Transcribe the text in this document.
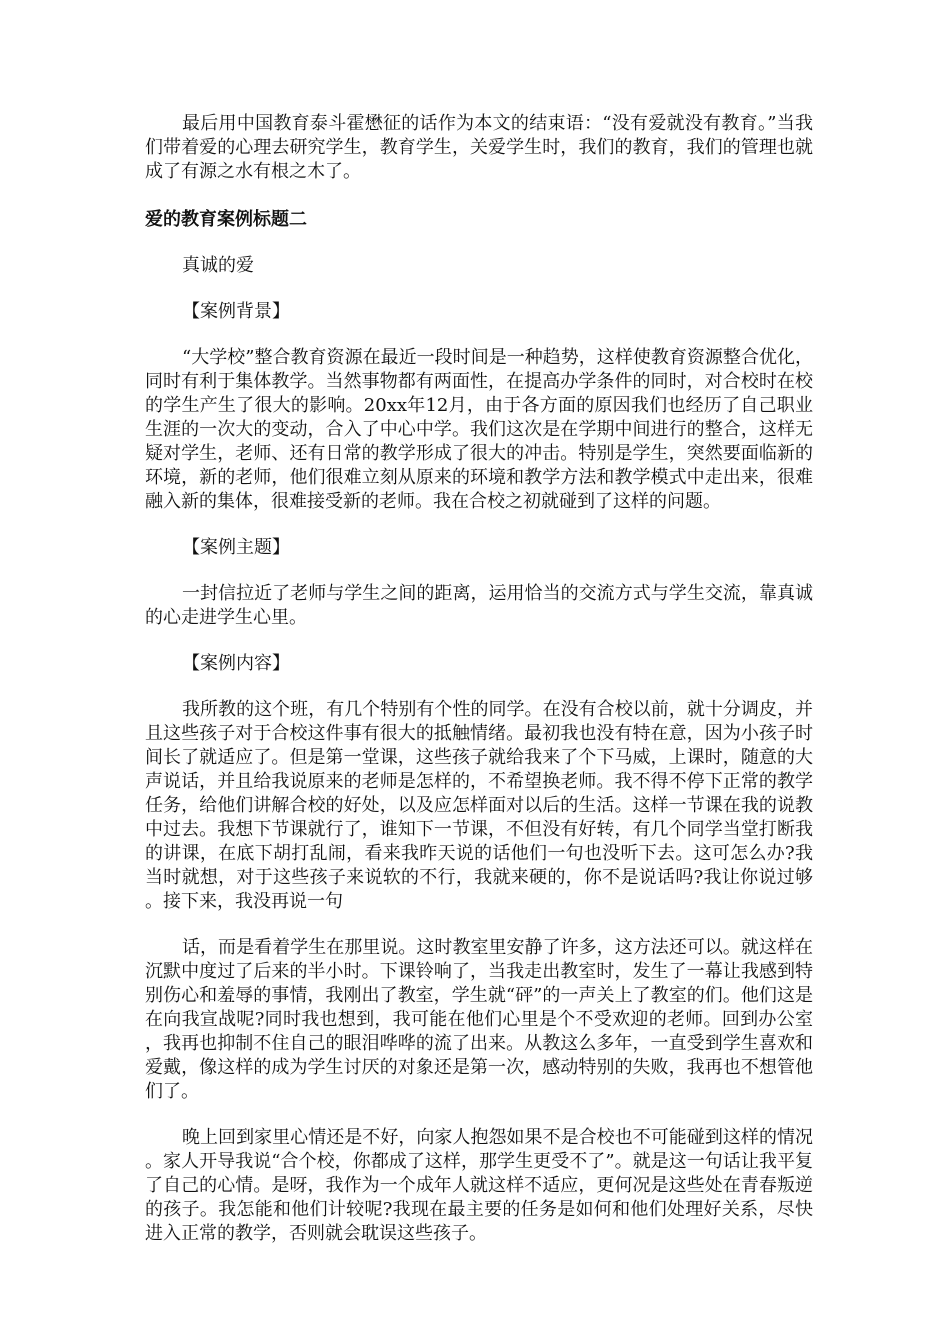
最后用中国教育泰斗霍懋征的话作为本文的结束语：“没有爱就没有教育。”当我们带着爱的心理去研究学生，教育学生，关爱学生时，我们的教育，我们的管理也就成了有源之水有根之木了。

爱的教育案例标题二

真诚的爱

【案例背景】

“大学校”整合教育资源在最近一段时间是一种趋势，这样使教育资源整合优化，同时有利于集体教学。当然事物都有两面性，在提高办学条件的同时，对合校时在校的学生产生了很大的影响。20xx年12月，由于各方面的原因我们也经历了自己职业生涯的一次大的变动，合入了中心中学。我们这次是在学期中间进行的整合，这样无疑对学生，老师、还有日常的教学形成了很大的冲击。特别是学生，突然要面临新的环境，新的老师，他们很难立刻从原来的环境和教学方法和教学模式中走出来，很难融入新的集体，很难接受新的老师。我在合校之初就碰到了这样的问题。

【案例主题】

一封信拉近了老师与学生之间的距离，运用恰当的交流方式与学生交流，靠真诚的心走进学生心里。

【案例内容】

我所教的这个班，有几个特别有个性的同学。在没有合校以前，就十分调皮，并且这些孩子对于合校这件事有很大的抵触情绪。最初我也没有特在意，因为小孩子时间长了就适应了。但是第一堂课，这些孩子就给我来了个下马威，上课时，随意的大声说话，并且给我说原来的老师是怎样的，不希望换老师。我不得不停下正常的教学任务，给他们讲解合校的好处，以及应怎样面对以后的生活。这样一节课在我的说教中过去。我想下节课就行了，谁知下一节课，不但没有好转，有几个同学当堂打断我的讲课，在底下胡打乱闹，看来我昨天说的话他们一句也没听下去。这可怎么办?我当时就想，对于这些孩子来说软的不行，我就来硬的，你不是说话吗?我让你说过够。接下来，我没再说一句

话，而是看着学生在那里说。这时教室里安静了许多，这方法还可以。就这样在沉默中度过了后来的半小时。下课铃响了，当我走出教室时，发生了一幕让我感到特别伤心和羞辱的事情，我刚出了教室，学生就“砰”的一声关上了教室的们。他们这是在向我宣战呢?同时我也想到，我可能在他们心里是个不受欢迎的老师。回到办公室，我再也抑制不住自己的眼泪哗哗的流了出来。从教这么多年，一直受到学生喜欢和爱戴，像这样的成为学生讨厌的对象还是第一次，感动特别的失败，我再也不想管他们了。

晚上回到家里心情还是不好，向家人抱怨如果不是合校也不可能碰到这样的情况。家人开导我说“合个校，你都成了这样，那学生更受不了”。就是这一句话让我平复了自己的心情。是呀，我作为一个成年人就这样不适应，更何况是这些处在青春叛逆的孩子。我怎能和他们计较呢?我现在最主要的任务是如何和他们处理好关系，尽快进入正常的教学，否则就会耽误这些孩子。
